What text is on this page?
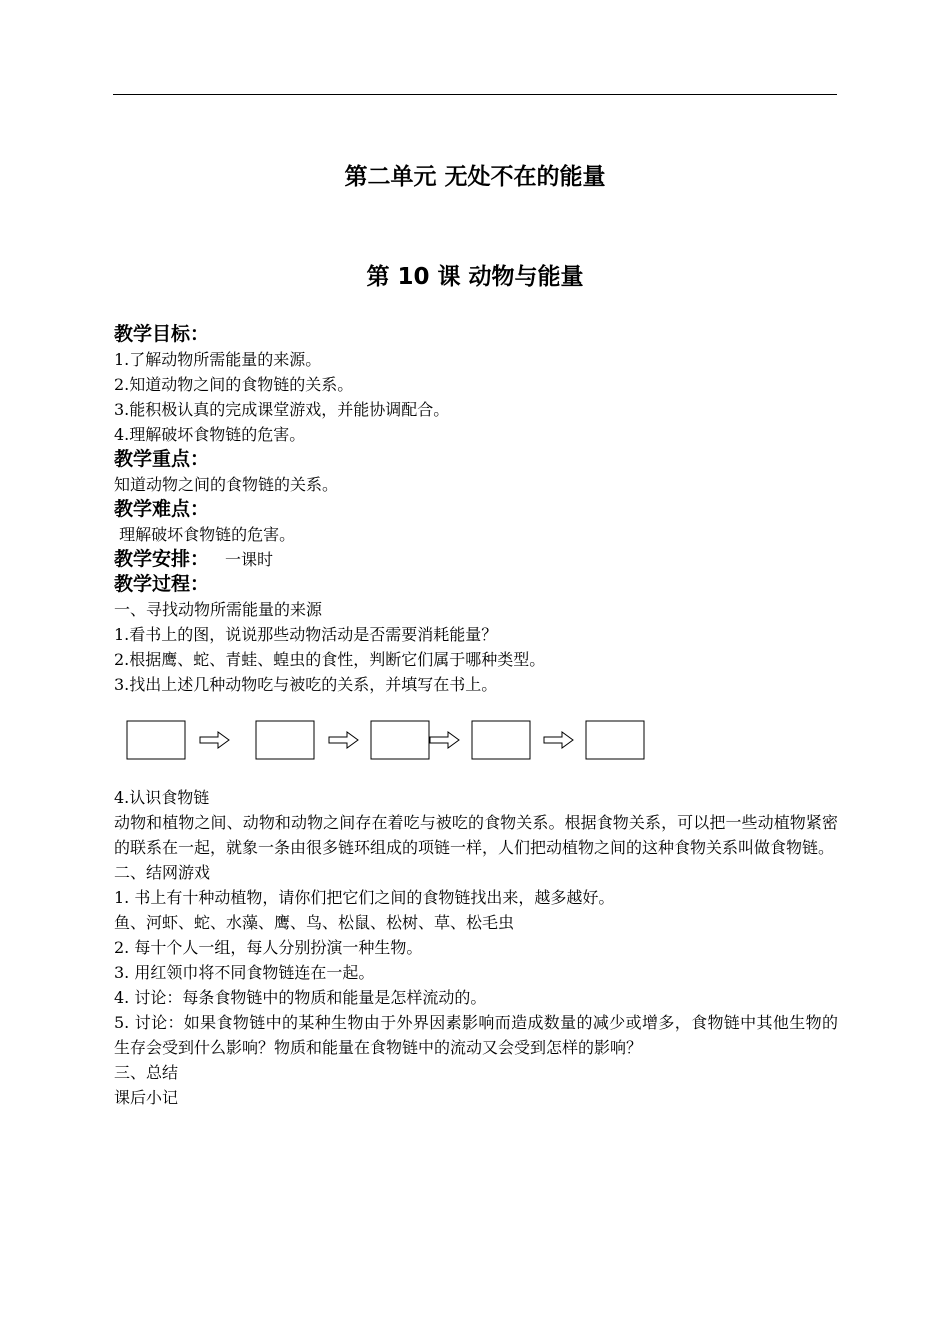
第二单元 无处不在的能量
第 10 课 动物与能量
教学目标：
1.了解动物所需能量的来源。
2.知道动物之间的食物链的关系。
3.能积极认真的完成课堂游戏，并能协调配合。
4.理解破坏食物链的危害。
教学重点：
知道动物之间的食物链的关系。
教学难点：
理解破坏食物链的危害。
教学安排： 一课时
教学过程：
一、寻找动物所需能量的来源
1.看书上的图，说说那些动物活动是否需要消耗能量？
2.根据鹰、蛇、青蛙、蝗虫的食性，判断它们属于哪种类型。
3.找出上述几种动物吃与被吃的关系，并填写在书上。
4.认识食物链
动物和植物之间、动物和动物之间存在着吃与被吃的食物关系。根据食物关系，可以把一些动植物紧密的联系在一起，就象一条由很多链环组成的项链一样，人们把动植物之间的这种食物关系叫做食物链。
二、结网游戏
1. 书上有十种动植物，请你们把它们之间的食物链找出来，越多越好。
鱼、河虾、蛇、水藻、鹰、鸟、松鼠、松树、草、松毛虫
2. 每十个人一组，每人分别扮演一种生物。
3. 用红领巾将不同食物链连在一起。
4. 讨论：每条食物链中的物质和能量是怎样流动的。
5. 讨论：如果食物链中的某种生物由于外界因素影响而造成数量的减少或增多，食物链中其他生物的生存会受到什么影响？物质和能量在食物链中的流动又会受到怎样的影响？
三、总结
课后小记
